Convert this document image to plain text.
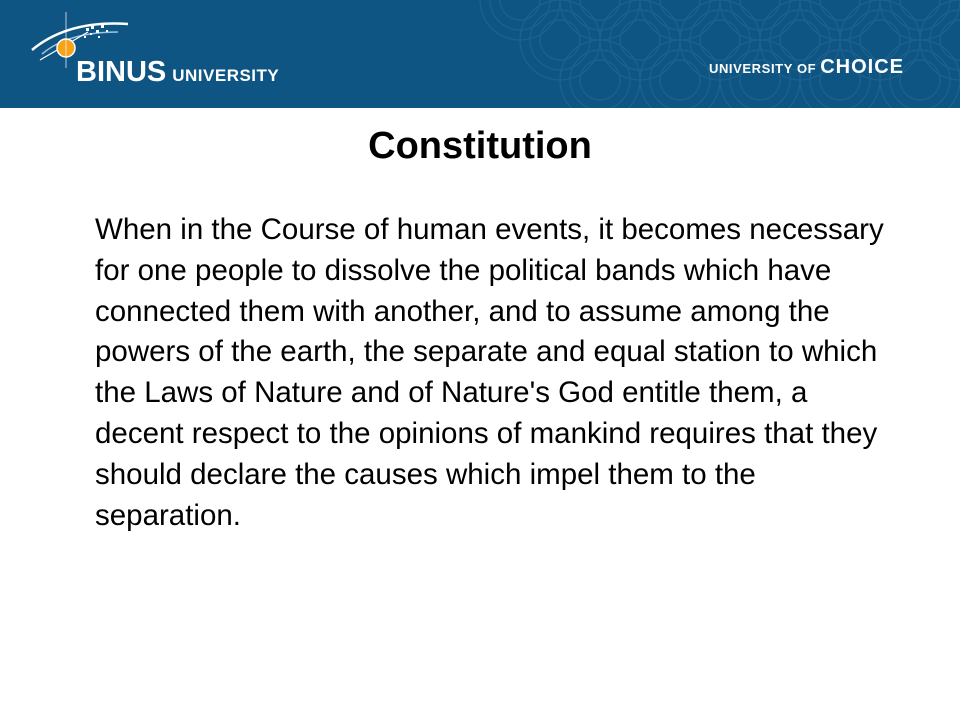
BINUS UNIVERSITY	UNIVERSITY OF CHOICE
Constitution

When in the Course of human events, it becomes necessary for one people to dissolve the political bands which have connected them with another, and to assume among the powers of the earth, the separate and equal station to which the Laws of Nature and of Nature's God entitle them, a decent respect to the opinions of mankind requires that they should declare the causes which impel them to the separation.
